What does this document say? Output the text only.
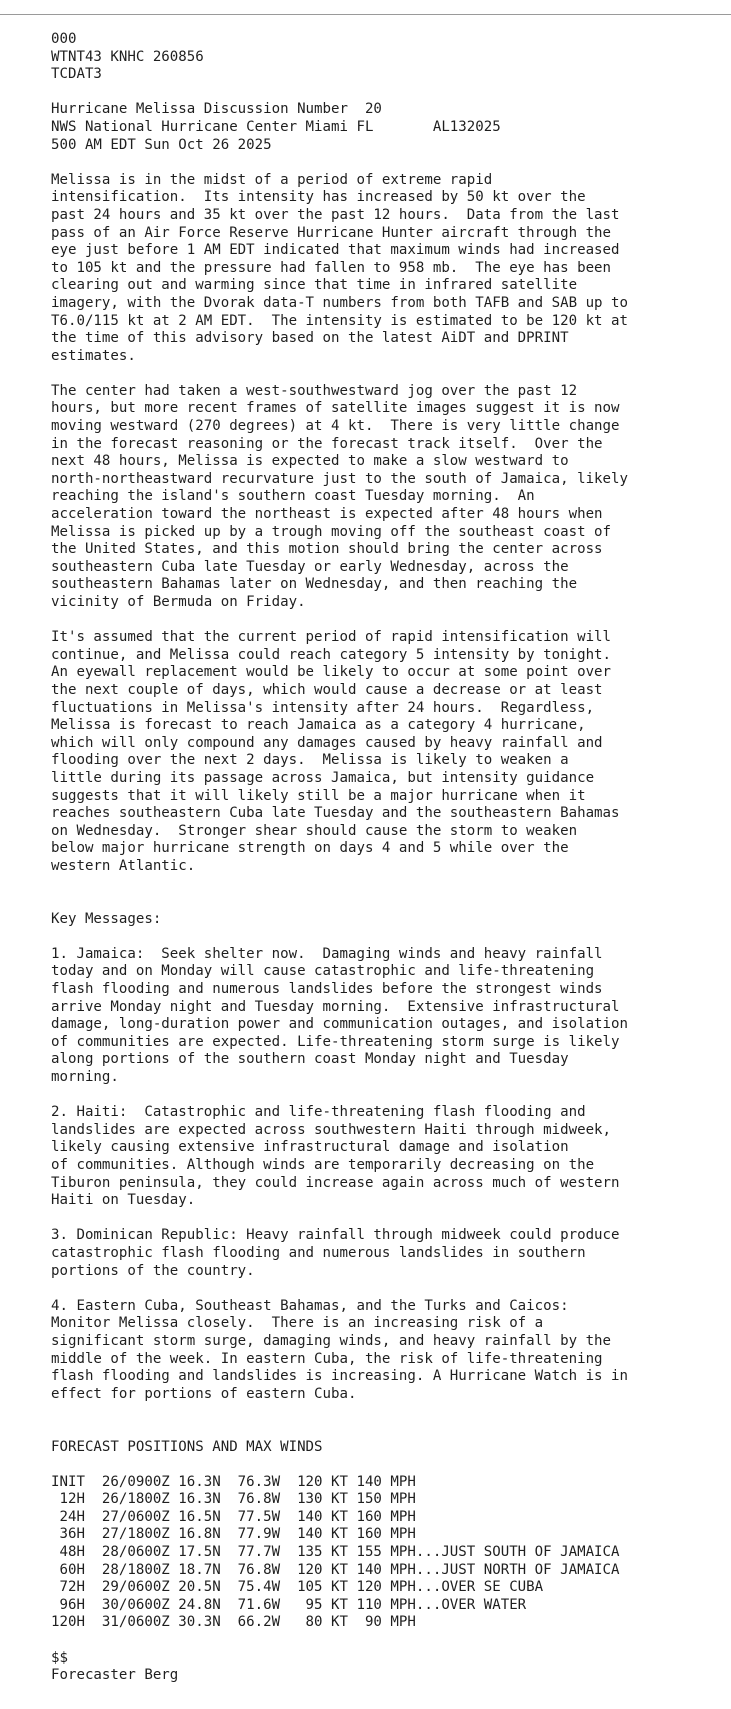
000
WTNT43 KNHC 260856
TCDAT3

Hurricane Melissa Discussion Number  20
NWS National Hurricane Center Miami FL       AL132025
500 AM EDT Sun Oct 26 2025

Melissa is in the midst of a period of extreme rapid
intensification.  Its intensity has increased by 50 kt over the
past 24 hours and 35 kt over the past 12 hours.  Data from the last
pass of an Air Force Reserve Hurricane Hunter aircraft through the
eye just before 1 AM EDT indicated that maximum winds had increased
to 105 kt and the pressure had fallen to 958 mb.  The eye has been
clearing out and warming since that time in infrared satellite
imagery, with the Dvorak data-T numbers from both TAFB and SAB up to
T6.0/115 kt at 2 AM EDT.  The intensity is estimated to be 120 kt at
the time of this advisory based on the latest AiDT and DPRINT
estimates.

The center had taken a west-southwestward jog over the past 12
hours, but more recent frames of satellite images suggest it is now
moving westward (270 degrees) at 4 kt.  There is very little change
in the forecast reasoning or the forecast track itself.  Over the
next 48 hours, Melissa is expected to make a slow westward to
north-northeastward recurvature just to the south of Jamaica, likely
reaching the island's southern coast Tuesday morning.  An
acceleration toward the northeast is expected after 48 hours when
Melissa is picked up by a trough moving off the southeast coast of
the United States, and this motion should bring the center across
southeastern Cuba late Tuesday or early Wednesday, across the
southeastern Bahamas later on Wednesday, and then reaching the
vicinity of Bermuda on Friday.

It's assumed that the current period of rapid intensification will
continue, and Melissa could reach category 5 intensity by tonight.
An eyewall replacement would be likely to occur at some point over
the next couple of days, which would cause a decrease or at least
fluctuations in Melissa's intensity after 24 hours.  Regardless,
Melissa is forecast to reach Jamaica as a category 4 hurricane,
which will only compound any damages caused by heavy rainfall and
flooding over the next 2 days.  Melissa is likely to weaken a
little during its passage across Jamaica, but intensity guidance
suggests that it will likely still be a major hurricane when it
reaches southeastern Cuba late Tuesday and the southeastern Bahamas
on Wednesday.  Stronger shear should cause the storm to weaken
below major hurricane strength on days 4 and 5 while over the
western Atlantic.

Key Messages:

1. Jamaica:  Seek shelter now.  Damaging winds and heavy rainfall
today and on Monday will cause catastrophic and life-threatening
flash flooding and numerous landslides before the strongest winds
arrive Monday night and Tuesday morning.  Extensive infrastructural
damage, long-duration power and communication outages, and isolation
of communities are expected. Life-threatening storm surge is likely
along portions of the southern coast Monday night and Tuesday
morning.

2. Haiti:  Catastrophic and life-threatening flash flooding and
landslides are expected across southwestern Haiti through midweek,
likely causing extensive infrastructural damage and isolation
of communities. Although winds are temporarily decreasing on the
Tiburon peninsula, they could increase again across much of western
Haiti on Tuesday.

3. Dominican Republic: Heavy rainfall through midweek could produce
catastrophic flash flooding and numerous landslides in southern
portions of the country.

4. Eastern Cuba, Southeast Bahamas, and the Turks and Caicos:
Monitor Melissa closely.  There is an increasing risk of a
significant storm surge, damaging winds, and heavy rainfall by the
middle of the week. In eastern Cuba, the risk of life-threatening
flash flooding and landslides is increasing. A Hurricane Watch is in
effect for portions of eastern Cuba.

FORECAST POSITIONS AND MAX WINDS

INIT  26/0900Z 16.3N  76.3W  120 KT 140 MPH
12H  26/1800Z 16.3N  76.8W  130 KT 150 MPH
24H  27/0600Z 16.5N  77.5W  140 KT 160 MPH
36H  27/1800Z 16.8N  77.9W  140 KT 160 MPH
48H  28/0600Z 17.5N  77.7W  135 KT 155 MPH...JUST SOUTH OF JAMAICA
60H  28/1800Z 18.7N  76.8W  120 KT 140 MPH...JUST NORTH OF JAMAICA
72H  29/0600Z 20.5N  75.4W  105 KT 120 MPH...OVER SE CUBA
96H  30/0600Z 24.8N  71.6W   95 KT 110 MPH...OVER WATER
120H  31/0600Z 30.3N  66.2W   80 KT  90 MPH

$$
Forecaster Berg
